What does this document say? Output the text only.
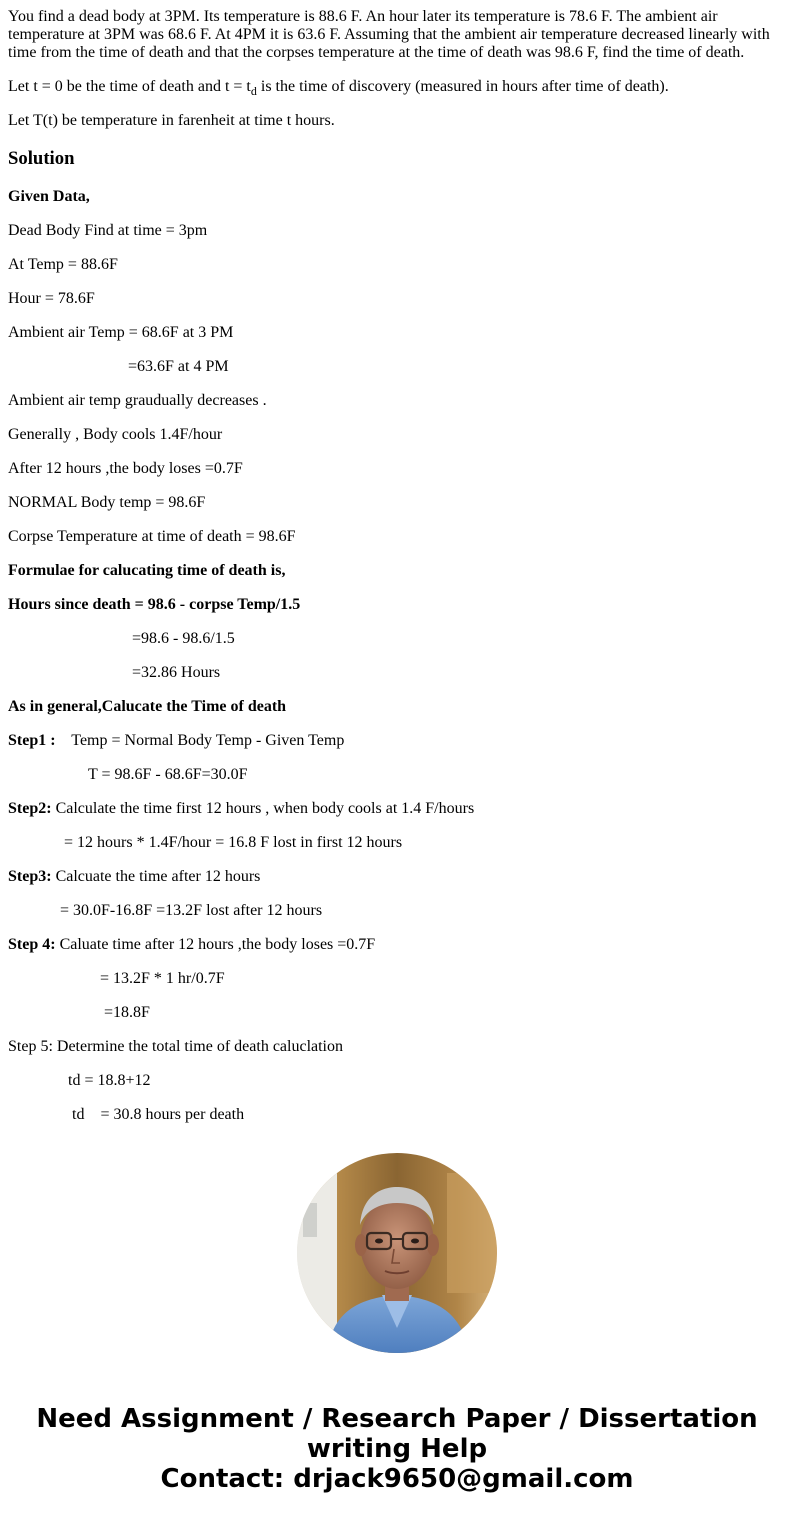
You find a dead body at 3PM. Its temperature is 88.6 F. An hour later its temperature is 78.6 F. The ambient air temperature at 3PM was 68.6 F. At 4PM it is 63.6 F. Assuming that the ambient air temperature decreased linearly with time from the time of death and that the corpses temperature at the time of death was 98.6 F, find the time of death.

Let t = 0 be the time of death and $t = t_d$ is the time of discovery (measured in hours after time of death).

Let T(t) be temperature in farenheit at time t hours.

Solution

Given Data,

Dead Body Find at time = 3pm

At Temp = 88.6F

Hour = 78.6F

Ambient air Temp = 68.6F at 3 PM

=63.6F at 4 PM

Ambient air temp graudually decreases .

Generally , Body cools 1.4F/hour

After 12 hours ,the body loses =0.7F

NORMAL Body temp = 98.6F

Corpse Temperature at time of death = 98.6F

Formulae for calucating time of death is,

Hours since death = 98.6 - corpse Temp/1.5

=98.6 - 98.6/1.5

=32.86 Hours

As in general,Calucate the Time of death

Step1 : Temp = Normal Body Temp - Given Temp

T = 98.6F - 68.6F=30.0F

Step2: Calculate the time first 12 hours , when body cools at 1.4 F/hours

= 12 hours * 1.4F/hour = 16.8 F lost in first 12 hours

Step3: Calcuate the time after 12 hours

= 30.0F-16.8F =13.2F lost after 12 hours

Step 4: Caluate time after 12 hours ,the body loses =0.7F

= 13.2F * 1 hr/0.7F

=18.8F

Step 5: Determine the total time of death caluclation

td = 18.8+12

td    = 30.8 hours per death

Need Assignment / Research Paper / Dissertation
writing Help
Contact: drjack9650@gmail.com
